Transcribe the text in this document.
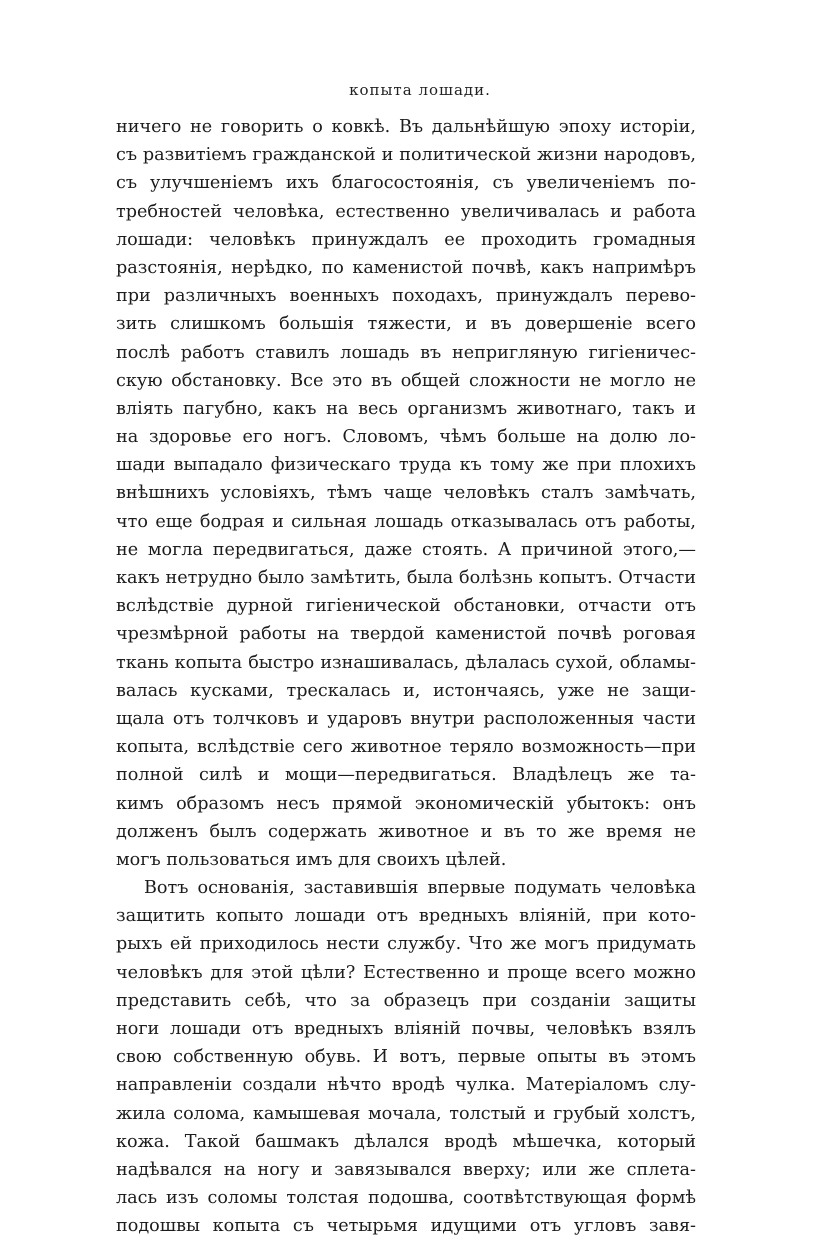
копыта лошади.
ничего не говорить о ковкѣ. Въ дальнѣйшую эпоху исторіи,
съ развитіемъ гражданской и политической жизни народовъ,
съ улучшеніемъ ихъ благосостоянія, съ увеличеніемъ по-
требностей человѣка, естественно увеличивалась и работа
лошади: человѣкъ принуждалъ ее проходить громадныя
разстоянія, нерѣдко, по каменистой почвѣ, какъ напримѣръ
при различныхъ военныхъ походахъ, принуждалъ перево-
зить слишкомъ большія тяжести, и въ довершеніе всего
послѣ работъ ставилъ лошадь въ непригляную гигіеничес-
скую обстановку. Все это въ общей сложности не могло не
вліять пагубно, какъ на весь организмъ животнаго, такъ и
на здоровье его ногъ. Словомъ, чѣмъ больше на долю ло-
шади выпадало физическаго труда къ тому же при плохихъ
внѣшнихъ условіяхъ, тѣмъ чаще человѣкъ сталъ замѣчать,
что еще бодрая и сильная лошадь отказывалась отъ работы,
не могла передвигаться, даже стоять. А причиной этого,—
какъ нетрудно было замѣтить, была болѣзнь копытъ. Отчасти
вслѣдствіе дурной гигіенической обстановки, отчасти отъ
чрезмѣрной работы на твердой каменистой почвѣ роговая
ткань копыта быстро изнашивалась, дѣлалась сухой, обламы-
валась кусками, трескалась и, истончаясь, уже не защи-
щала отъ толчковъ и ударовъ внутри расположенныя части
копыта, вслѣдствіе сего животное теряло возможность—при
полной силѣ и мощи—передвигаться. Владѣлецъ же та-
кимъ образомъ несъ прямой экономическій убытокъ: онъ
долженъ былъ содержать животное и въ то же время не
могъ пользоваться имъ для своихъ цѣлей.
Вотъ основанія, заставившія впервые подумать человѣка
защитить копыто лошади отъ вредныхъ вліяній, при кото-
рыхъ ей приходилось нести службу. Что же могъ придумать
человѣкъ для этой цѣли? Естественно и проще всего можно
представить себѣ, что за образецъ при созданіи защиты
ноги лошади отъ вредныхъ вліяній почвы, человѣкъ взялъ
свою собственную обувь. И вотъ, первые опыты въ этомъ
направленіи создали нѣчто вродѣ чулка. Матеріаломъ слу-
жила солома, камышевая мочала, толстый и грубый холстъ,
кожа. Такой башмакъ дѣлался вродѣ мѣшечка, который
надѣвался на ногу и завязывался вверху; или же сплета-
лась изъ соломы толстая подошва, соотвѣтствующая формѣ
подошвы копыта съ четырьмя идущими отъ угловъ завя-
